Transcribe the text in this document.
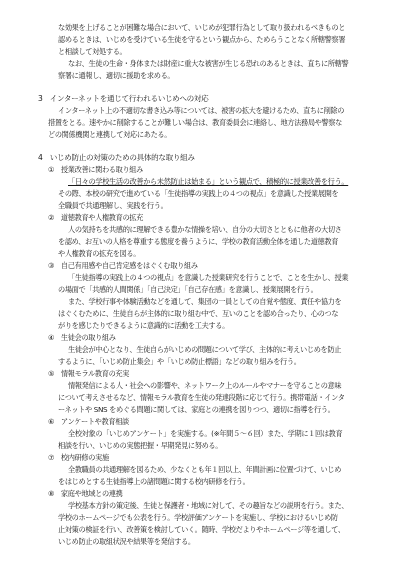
な効果を上げることが困難な場合において、いじめが犯罪行為として取り扱われるべきものと
認めるときは、いじめを受けている生徒を守るという観点から、ためらうことなく所轄警察署
と相談して対処する。
なお、生徒の生命・身体または財産に重大な被害が生じる恐れのあるときは、直ちに所轄警
察署に通報し、適切に援助を求める。
3　インターネットを通じて行われるいじめへの対応
インターネット上の不適切な書き込み等については、被害の拡大を避けるため、直ちに削除の
措置をとる。速やかに削除することが難しい場合は、教育委員会に連絡し、地方法務局や警察な
どの関係機関と連携して対応にあたる。
4　いじめ防止の対策のための具体的な取り組み
①　授業改善に関わる取り組み
「日々の学校生活の改善から未然防止は始まる」という観点で、積極的に授業改善を行う。
その際、本校の研究で進めている「生徒指導の実践上の４つの視点」を意識した授業展開を
全職員で共通理解し、実践を行う。
②　道徳教育や人権教育の拡充
人の気持ちを共感的に理解できる豊かな情操を培い、自分の大切さとともに他者の大切さ
を認め、お互いの人格を尊重する態度を養うように、学校の教育活動全体を通した道徳教育
や人権教育の拡充を図る。
③　自己有用感や自己肯定感をはぐくむ取り組み
「生徒指導の実践上の４つの視点」を意識した授業研究を行うことで、ことを生かし、授業
の場面で「共感的人間関係」「自己決定」「自己存在感」を意識し、授業展開を行う。
また、学校行事や体験活動などを通して、集団の一員としての自覚や態度、責任や協力を
はぐくむために、生徒自らが主体的に取り組む中で、互いのことを認め合ったり、心のつな
がりを感じたりできるように意識的に活動を工夫する。
④　生徒会の取り組み
生徒会が中心となり、生徒自らがいじめの問題について学び、主体的に考えいじめを防止
するように、「いじめ防止集会」や「いじめ防止標語」などの取り組みを行う。
⑤　情報モラル教育の充実
情報発信による人・社会への影響や、ネットワーク上のルールやマナーを守ることの意味
について考えさせるなど、情報モラル教育を生徒の発達段階に応じて行う。携帯電話・インタ
ーネットや SNS をめぐる問題に関しては、家庭との連携を図りつつ、適切に指導を行う。
⑥　アンケートや教育相談
全校対象の「いじめアンケート」を実施する。(※年間５～６回）また、学期に１回は教育
相談を行い、いじめの実態把握・早期発見に努める。
⑦　校内研修の実施
全教職員の共通理解を図るため、少なくとも年１回以上、年間計画に位置づけて、いじめ
をはじめとする生徒指導上の諸問題に関する校内研修を行う。
⑧　家庭や地域との連携
学校基本方針の策定後、生徒と保護者・地域に対して、その趣旨などの説明を行う。また、
学校のホームページでも公表を行う。学校評価アンケートを実施し、学校におけるいじめ防
止対策の検証を行い、改善策を検討していく。随時、学校だよりやホームページ等を通して、
いじめ防止の取組状況や結果等を発信する。
